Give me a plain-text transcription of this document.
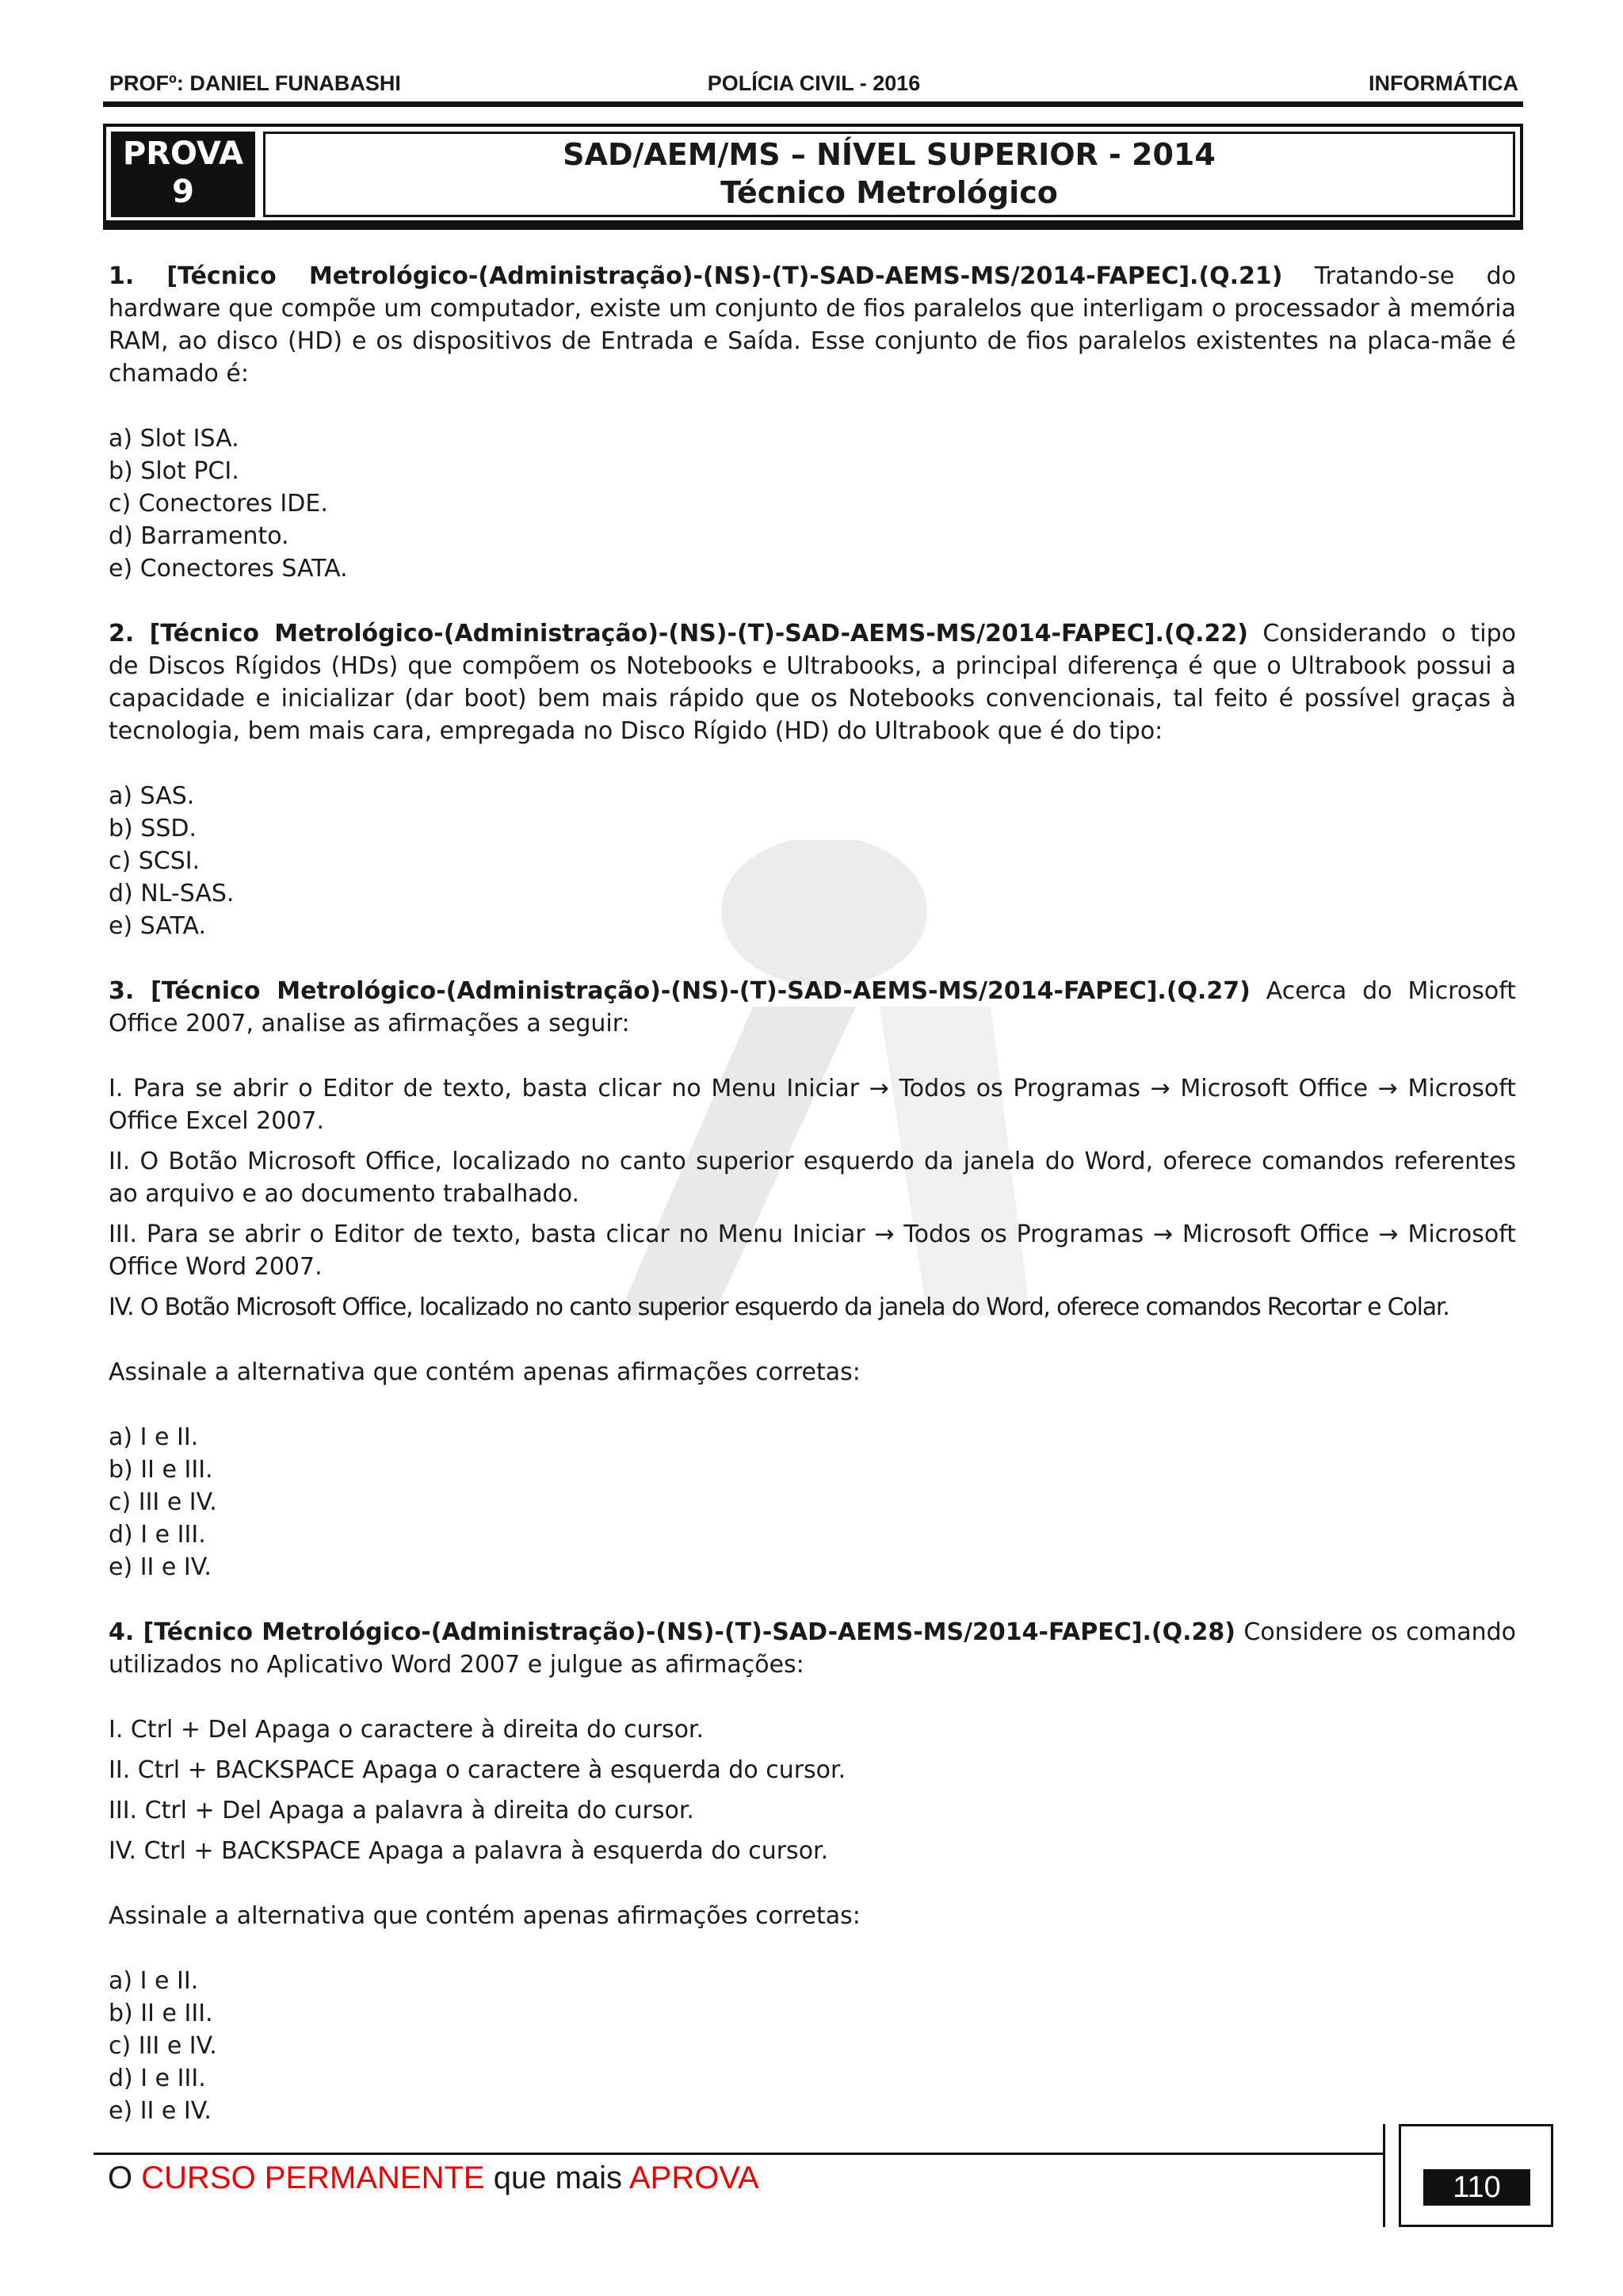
PROFº: DANIEL FUNABASHI	POLÍCIA CIVIL - 2016	INFORMÁTICA
PROVA
9
SAD/AEM/MS – NÍVEL SUPERIOR - 2014
Técnico Metrológico

1. [Técnico Metrológico-(Administração)-(NS)-(T)-SAD-AEMS-MS/2014-FAPEC].(Q.21) Tratando-se do hardware que compõe um computador, existe um conjunto de fios paralelos que interligam o processador à memória RAM, ao disco (HD) e os dispositivos de Entrada e Saída. Esse conjunto de fios paralelos existentes na placa-mãe é chamado é:

a) Slot ISA.

b) Slot PCI.

c) Conectores IDE.

d) Barramento.

e) Conectores SATA.

2. [Técnico Metrológico-(Administração)-(NS)-(T)-SAD-AEMS-MS/2014-FAPEC].(Q.22) Considerando o tipo de Discos Rígidos (HDs) que compõem os Notebooks e Ultrabooks, a principal diferença é que o Ultrabook possui a capacidade e inicializar (dar boot) bem mais rápido que os Notebooks convencionais, tal feito é possível graças à tecnologia, bem mais cara, empregada no Disco Rígido (HD) do Ultrabook que é do tipo:

a) SAS.

b) SSD.

c) SCSI.

d) NL-SAS.

e) SATA.

3. [Técnico Metrológico-(Administração)-(NS)-(T)-SAD-AEMS-MS/2014-FAPEC].(Q.27) Acerca do Microsoft Office 2007, analise as afirmações a seguir:

I. Para se abrir o Editor de texto, basta clicar no Menu Iniciar → Todos os Programas → Microsoft Office → Microsoft Office Excel 2007.

II. O Botão Microsoft Office, localizado no canto superior esquerdo da janela do Word, oferece comandos referentes ao arquivo e ao documento trabalhado.

III. Para se abrir o Editor de texto, basta clicar no Menu Iniciar → Todos os Programas → Microsoft Office → Microsoft Office Word 2007.

IV. O Botão Microsoft Office, localizado no canto superior esquerdo da janela do Word, oferece comandos Recortar e Colar.

Assinale a alternativa que contém apenas afirmações corretas:

a) I e II.

b) II e III.

c) III e IV.

d) I e III.

e) II e IV.

4. [Técnico Metrológico-(Administração)-(NS)-(T)-SAD-AEMS-MS/2014-FAPEC].(Q.28) Considere os comando utilizados no Aplicativo Word 2007 e julgue as afirmações:

I. Ctrl + Del Apaga o caractere à direita do cursor.

II. Ctrl + BACKSPACE Apaga o caractere à esquerda do cursor.

III. Ctrl + Del Apaga a palavra à direita do cursor.

IV. Ctrl + BACKSPACE Apaga a palavra à esquerda do cursor.

Assinale a alternativa que contém apenas afirmações corretas:

a) I e II.

b) II e III.

c) III e IV.

d) I e III.

e) II e IV.

O CURSO PERMANENTE que mais APROVA	110
